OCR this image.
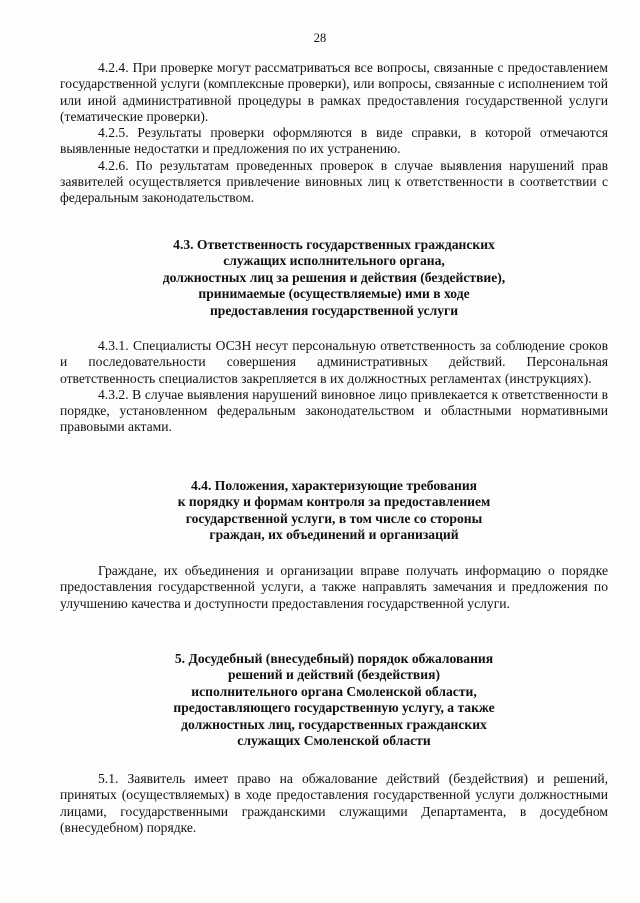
28

4.2.4. При проверке могут рассматриваться все вопросы, связанные с предоставлением государственной услуги (комплексные проверки), или вопросы, связанные с исполнением той или иной административной процедуры в рамках предоставления государственной услуги (тематические проверки).

4.2.5. Результаты проверки оформляются в виде справки, в которой отмечаются выявленные недостатки и предложения по их устранению.

4.2.6. По результатам проведенных проверок в случае выявления нарушений прав заявителей осуществляется привлечение виновных лиц к ответственности в соответствии с федеральным законодательством.

4.3. Ответственность государственных гражданских
служащих исполнительного органа,
должностных лиц за решения и действия (бездействие),
принимаемые (осуществляемые) ими в ходе
предоставления государственной услуги

4.3.1. Специалисты ОСЗН несут персональную ответственность за соблюдение сроков и последовательности совершения административных действий. Персональная ответственность специалистов закрепляется в их должностных регламентах (инструкциях).

4.3.2. В случае выявления нарушений виновное лицо привлекается к ответственности в порядке, установленном федеральным законодательством и областными нормативными правовыми актами.

4.4. Положения, характеризующие требования
к порядку и формам контроля за предоставлением
государственной услуги, в том числе со стороны
граждан, их объединений и организаций

Граждане, их объединения и организации вправе получать информацию о порядке предоставления государственной услуги, а также направлять замечания и предложения по улучшению качества и доступности предоставления государственной услуги.

5. Досудебный (внесудебный) порядок обжалования
решений и действий (бездействия)
исполнительного органа Смоленской области,
предоставляющего государственную услугу, а также
должностных лиц, государственных гражданских
служащих Смоленской области

5.1. Заявитель имеет право на обжалование действий (бездействия) и решений, принятых (осуществляемых) в ходе предоставления государственной услуги должностными лицами, государственными гражданскими служащими Департамента, в досудебном (внесудебном) порядке.
